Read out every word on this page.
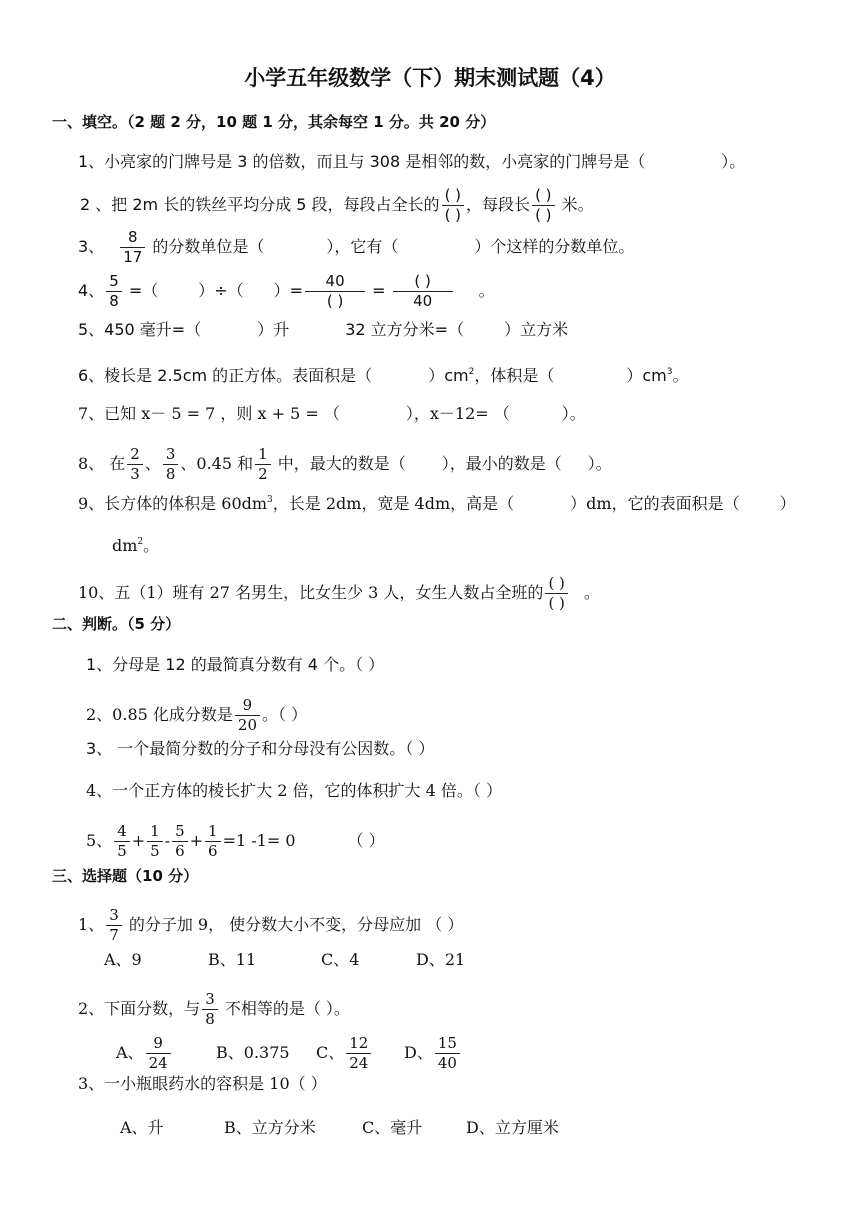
小学五年级数学（下）期末测试题（4）
一、填空。（2 题 2 分，10 题 1 分，其余每空 1 分。共 20 分）
1、小亮家的门牌号是 3 的倍数，而且与 308 是相邻的数，小亮家的门牌号是（	）。
2 、把 2m 长的铁丝平均分成 5 段，每段占全长的 $\frac{( )}{( )}$ ，每段长 $\frac{( )}{( )}$ 米。
3、 $\frac{8}{17}$ 的分数单位是（	），它有（	）个这样的分数单位。
4、 $\frac{5}{8}$ =（	）÷（ ）= $\frac{40}{( )} = \frac{( )}{40}$ 。
5、450 毫升=（	）升	32 立方分米=（	）立方米
6、棱长是 2.5cm 的正方体。表面积是（	）$cm^2$，体积是（	）$cm^3$。
7、已知 x－ 5 = 7 ，则 x + 5 = （	），x－12= （	）。
8、 在 $\frac{2}{3}$ 、 $\frac{3}{8}$ 、0.45 和 $\frac{1}{2}$ 中，最大的数是（ ），最小的数是（ ）。
9、长方体的体积是 $60dm^3$，长是 2dm，宽是 4dm，高是（	）dm，它的表面积是（	）
$dm^2$。
10、五（1）班有 27 名男生，比女生少 3 人，女生人数占全班的 $\frac{( )}{( )}$ 。
二、判断。（5 分）
1、分母是 12 的最简真分数有 4 个。（ ）
2、0.85 化成分数是 $\frac{9}{20}$ 。（ ）
3、 一个最简分数的分子和分母没有公因数。（ ）
4、一个正方体的棱长扩大 2 倍，它的体积扩大 4 倍。（ ）
5、 $\frac{4}{5} + \frac{1}{5} - \frac{5}{6} + \frac{1}{6} =1$ -1= 0	（ ）
三、选择题（10 分）
1、 $\frac{3}{7}$ 的分子加 9， 使分数大小不变，分母应加 （ ）
A、9	B、11	C、4	D、21
2、下面分数，与 $\frac{3}{8}$ 不相等的是（ ）。
A、 $\frac{9}{24}$	B、0.375 C、 $\frac{12}{24}$ D、 $\frac{15}{40}$
3、一小瓶眼药水的容积是 10（ ）
A、升	B、立方分米	C、毫升	D、立方厘米
